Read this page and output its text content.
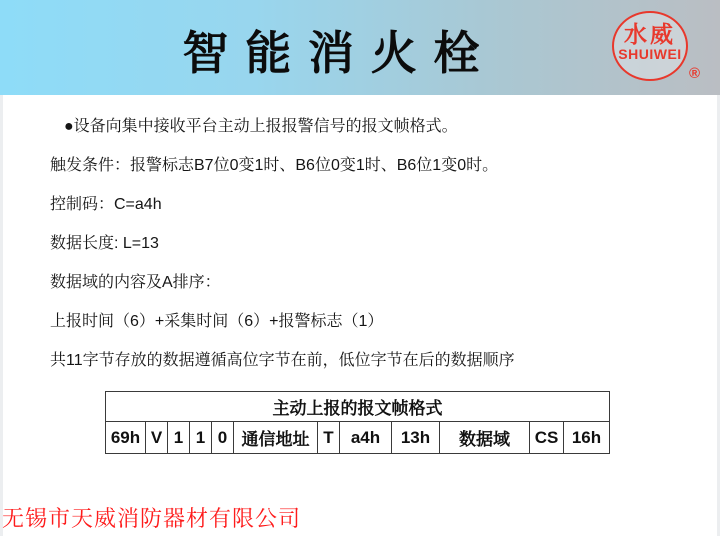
智 能 消 火 栓	水威
SHUIWEI
®

●设备向集中接收平台主动上报报警信号的报文帧格式。

触发条件：报警标志B7位0变1时、B6位0变1时、B6位1变0时。

控制码：C=a4h

数据长度: L=13

数据域的内容及A排序：

上报时间（6）+采集时间（6）+报警标志（1）

共11字节存放的数据遵循高位字节在前，低位字节在后的数据顺序

主动上报的报文帧格式
69h	V	1	1	0	通信地址	T	a4h	13h	数据域	CS	16h
无锡市天威消防器材有限公司
